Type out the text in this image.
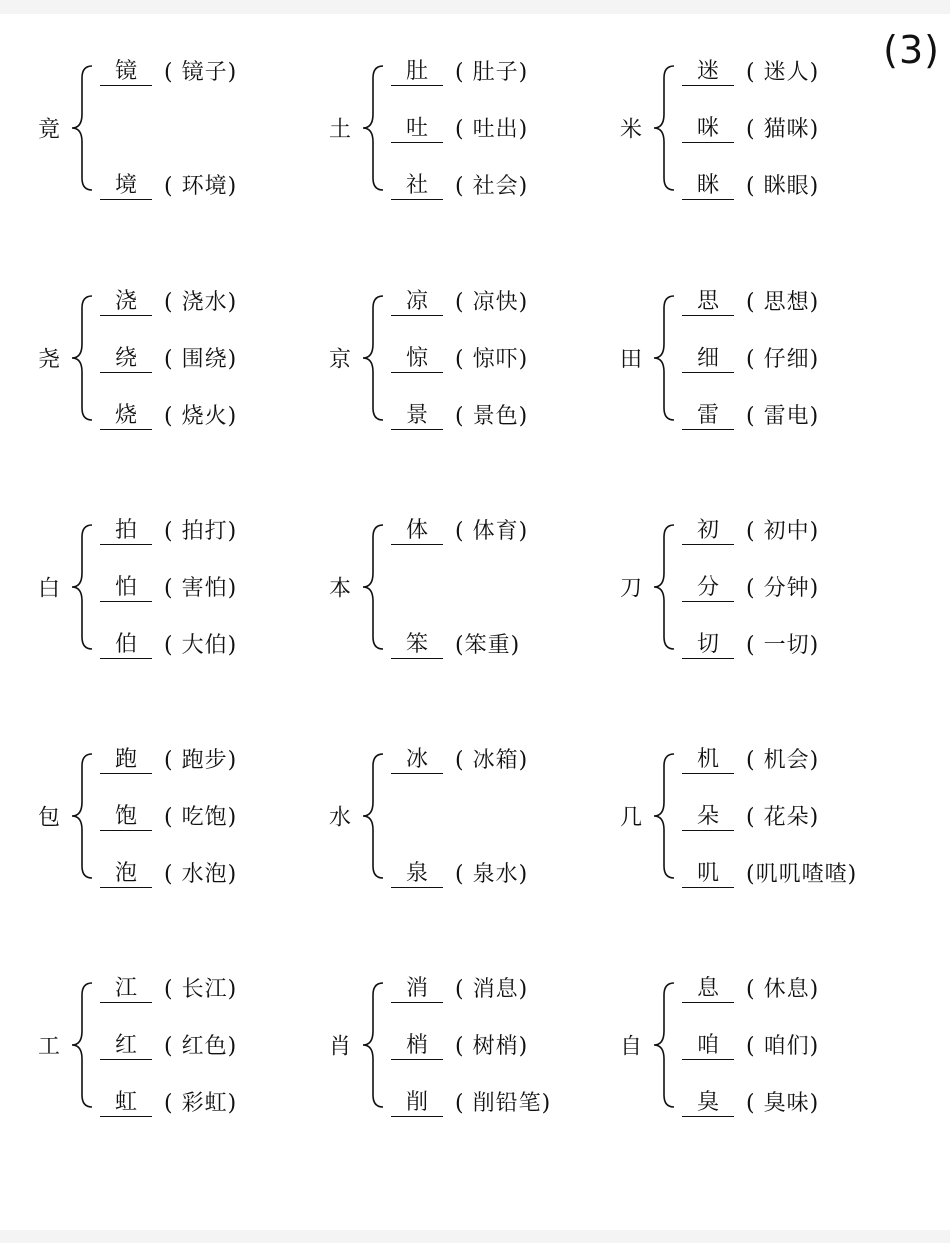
(3)
竟
镜	( 镜子)
境	( 环境)
土
肚	( 肚子)
吐	( 吐出)
社	( 社会)
米
迷	( 迷人)
咪	( 猫咪)
眯	( 眯眼)
尧
浇	( 浇水)
绕	( 围绕)
烧	( 烧火)
京
凉	( 凉快)
惊	( 惊吓)
景	( 景色)
田
思	( 思想)
细	( 仔细)
雷	( 雷电)
白
拍	( 拍打)
怕	( 害怕)
伯	( 大伯)
本
体	( 体育)
笨	(笨重)
刀
初	( 初中)
分	( 分钟)
切	( 一切)
包
跑	( 跑步)
饱	( 吃饱)
泡	( 水泡)
水
冰	( 冰箱)
泉	( 泉水)
几
机	( 机会)
朵	( 花朵)
叽	(叽叽喳喳)
工
江	( 长江)
红	( 红色)
虹	( 彩虹)
肖
消	( 消息)
梢	( 树梢)
削	( 削铅笔)
自
息	( 休息)
咱	( 咱们)
臭	( 臭味)
